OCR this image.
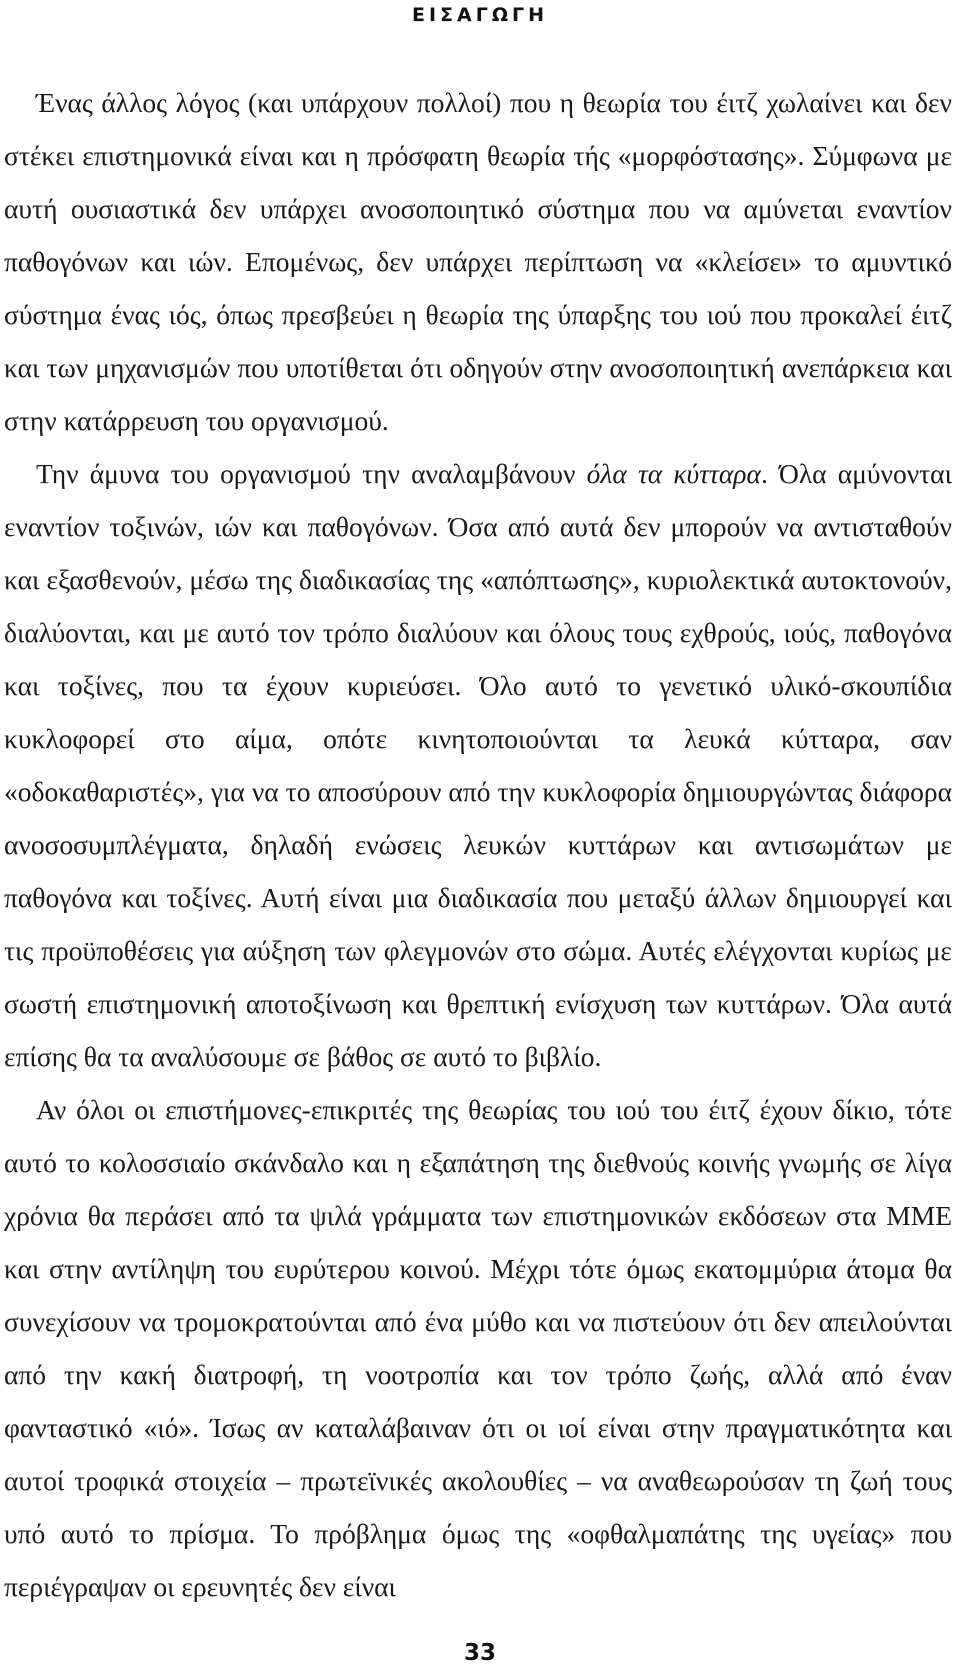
ΕΙΣΑΓΩΓΗ

Ένας άλλος λόγος (και υπάρχουν πολλοί) που η θεωρία του έιτζ χωλαίνει και δεν στέκει επιστημονικά είναι και η πρόσφατη θεωρία τής «μορφόστασης». Σύμφωνα με αυτή ουσιαστικά δεν υπάρχει ανοσοποιητικό σύστημα που να αμύνεται εναντίον παθογόνων και ιών. Επομένως, δεν υπάρχει περίπτωση να «κλείσει» το αμυντικό σύστημα ένας ιός, όπως πρεσβεύει η θεωρία της ύπαρξης του ιού που προκαλεί έιτζ και των μηχανισμών που υποτίθεται ότι οδηγούν στην ανοσοποιητική ανεπάρκεια και στην κατάρρευση του οργανισμού.

Την άμυνα του οργανισμού την αναλαμβάνουν όλα τα κύτταρα. Όλα αμύνονται εναντίον τοξινών, ιών και παθογόνων. Όσα από αυτά δεν μπορούν να αντισταθούν και εξασθενούν, μέσω της διαδικασίας της «απόπτωσης», κυριολεκτικά αυτοκτονούν, διαλύονται, και με αυτό τον τρόπο διαλύουν και όλους τους εχθρούς, ιούς, παθογόνα και τοξίνες, που τα έχουν κυριεύσει. Όλο αυτό το γενετικό υλικό-σκουπίδια κυκλοφορεί στο αίμα, οπότε κινητοποιούνται τα λευκά κύτταρα, σαν «οδοκαθαριστές», για να το αποσύρουν από την κυκλοφορία δημιουργώντας διάφορα ανοσοσυμπλέγματα, δηλαδή ενώσεις λευκών κυττάρων και αντισωμάτων με παθογόνα και τοξίνες. Αυτή είναι μια διαδικασία που μεταξύ άλλων δημιουργεί και τις προϋποθέσεις για αύξηση των φλεγμονών στο σώμα. Αυτές ελέγχονται κυρίως με σωστή επιστημονική αποτοξίνωση και θρεπτική ενίσχυση των κυττάρων. Όλα αυτά επίσης θα τα αναλύσουμε σε βάθος σε αυτό το βιβλίο.

Αν όλοι οι επιστήμονες-επικριτές της θεωρίας του ιού του έιτζ έχουν δίκιο, τότε αυτό το κολοσσιαίο σκάνδαλο και η εξαπάτηση της διεθνούς κοινής γνωμής σε λίγα χρόνια θα περάσει από τα ψιλά γράμματα των επιστημονικών εκδόσεων στα ΜΜΕ και στην αντίληψη του ευρύτερου κοινού. Μέχρι τότε όμως εκατομμύρια άτομα θα συνεχίσουν να τρομοκρατούνται από ένα μύθο και να πιστεύουν ότι δεν απειλούνται από την κακή διατροφή, τη νοοτροπία και τον τρόπο ζωής, αλλά από έναν φανταστικό «ιό». Ίσως αν καταλάβαιναν ότι οι ιοί είναι στην πραγματικότητα και αυτοί τροφικά στοιχεία – πρωτεϊνικές ακολουθίες – να αναθεωρούσαν τη ζωή τους υπό αυτό το πρίσμα. Το πρόβλημα όμως της «οφθαλμαπάτης της υγείας» που περιέγραψαν οι ερευνητές δεν είναι

33
